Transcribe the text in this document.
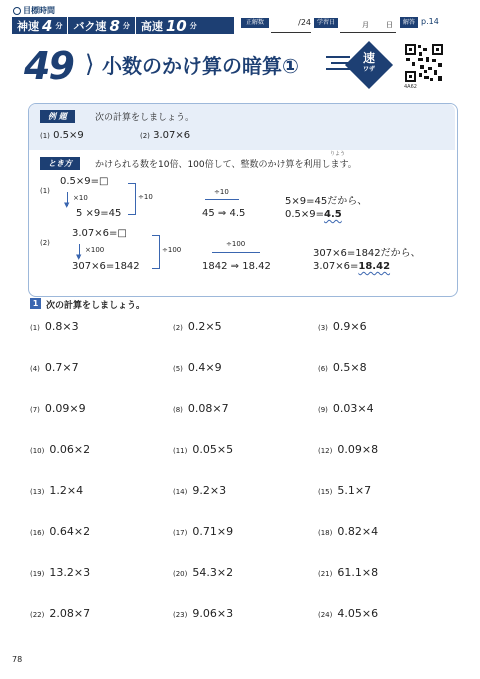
目標時間
神速 4 分 バク速 8 分 高速 10 分	正解数	/24 学習日	月 日	解答 p.14
49 ⟩ 小数のかけ算の暗算①	速
ワザ
4A62
例 題	次の計算をしましょう。
(1) 0.5×9	(2) 3.07×6
とき方
りよう
かけられる数を10倍、100倍して、整数のかけ算を利用します。
(1)
0.5×9=□
▼
×10	÷10
5 ×9=45
÷10
45 ⇒ 4.5
5×9=45だから、
0.5×9=4.5
(2)
3.07×6=□
▼
×100	÷100
307×6=1842
÷100
1842 ⇒ 18.42
307×6=1842だから、
3.07×6=18.42
1 次の計算をしましょう。
(1) 0.8×3	(2) 0.2×5	(3) 0.9×6
(4) 0.7×7	(5) 0.4×9	(6) 0.5×8
(7) 0.09×9	(8) 0.08×7	(9) 0.03×4
(10) 0.06×2	(11) 0.05×5	(12) 0.09×8
(13) 1.2×4	(14) 9.2×3	(15) 5.1×7
(16) 0.64×2	(17) 0.71×9	(18) 0.82×4
(19) 13.2×3	(20) 54.3×2	(21) 61.1×8
(22) 2.08×7	(23) 9.06×3	(24) 4.05×6
78
